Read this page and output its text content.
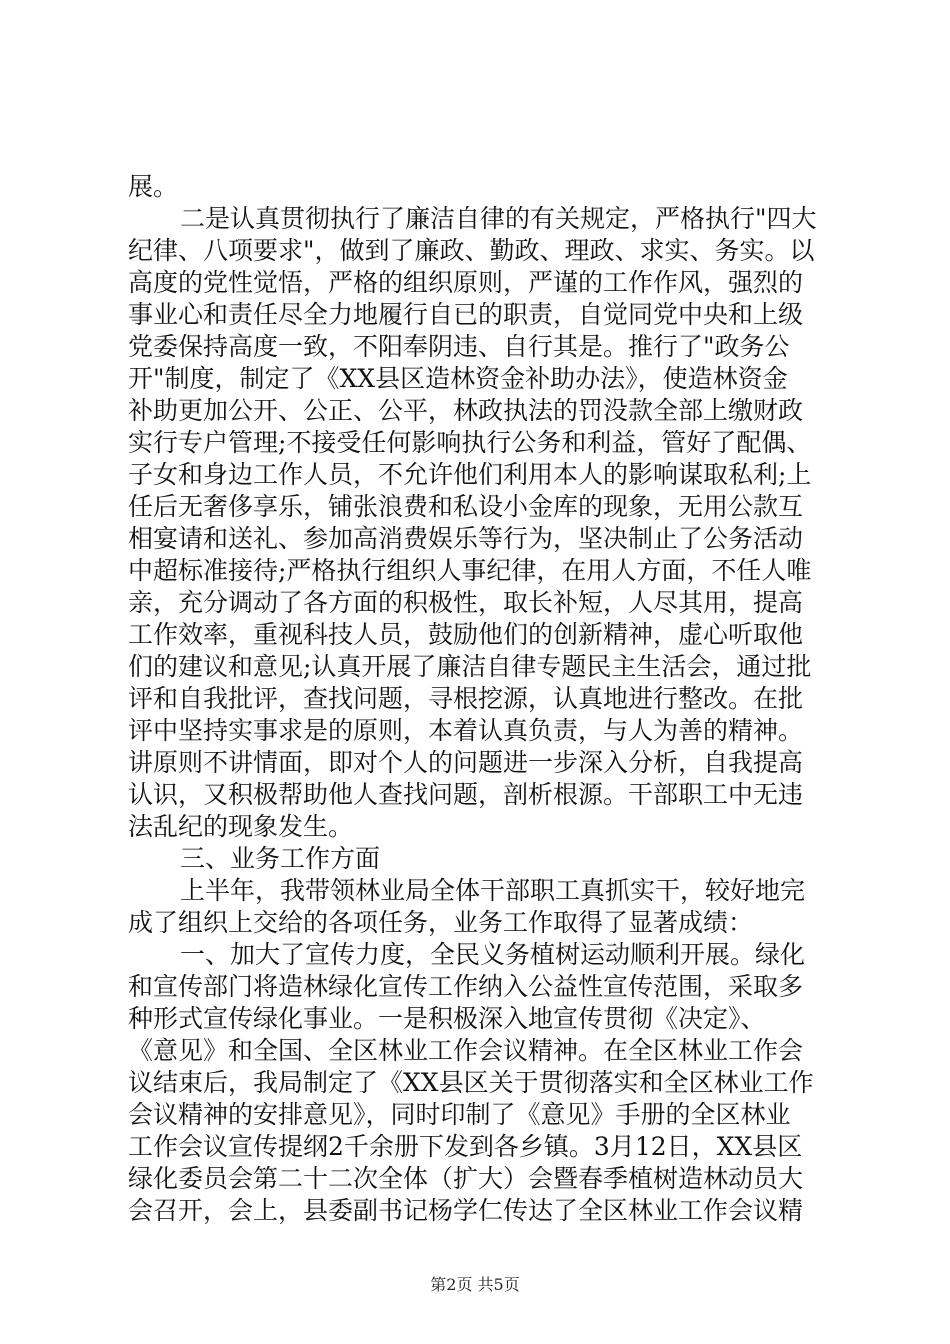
展。
二是认真贯彻执行了廉洁自律的有关规定，严格执行"四大
纪律、八项要求"，做到了廉政、勤政、理政、求实、务实。以
高度的党性觉悟，严格的组织原则，严谨的工作作风，强烈的
事业心和责任尽全力地履行自已的职责，自觉同党中央和上级
党委保持高度一致，不阳奉阴违、自行其是。推行了"政务公
开"制度，制定了《XX县区造林资金补助办法》，使造林资金
补助更加公开、公正、公平，林政执法的罚没款全部上缴财政
实行专户管理;不接受任何影响执行公务和利益，管好了配偶、
子女和身边工作人员，不允许他们利用本人的影响谋取私利;上
任后无奢侈享乐，铺张浪费和私设小金库的现象，无用公款互
相宴请和送礼、参加高消费娱乐等行为，坚决制止了公务活动
中超标准接待;严格执行组织人事纪律，在用人方面，不任人唯
亲，充分调动了各方面的积极性，取长补短，人尽其用，提高
工作效率，重视科技人员，鼓励他们的创新精神，虚心听取他
们的建议和意见;认真开展了廉洁自律专题民主生活会，通过批
评和自我批评，查找问题，寻根挖源，认真地进行整改。在批
评中坚持实事求是的原则，本着认真负责，与人为善的精神。
讲原则不讲情面，即对个人的问题进一步深入分析，自我提高
认识，又积极帮助他人查找问题，剖析根源。干部职工中无违
法乱纪的现象发生。
三、业务工作方面
上半年，我带领林业局全体干部职工真抓实干，较好地完
成了组织上交给的各项任务，业务工作取得了显著成绩：
一、加大了宣传力度，全民义务植树运动顺利开展。绿化
和宣传部门将造林绿化宣传工作纳入公益性宣传范围，采取多
种形式宣传绿化事业。一是积极深入地宣传贯彻《决定》、
《意见》和全国、全区林业工作会议精神。在全区林业工作会
议结束后，我局制定了《XX县区关于贯彻落实和全区林业工作
会议精神的安排意见》，同时印制了《意见》手册的全区林业
工作会议宣传提纲2千余册下发到各乡镇。3月12日，XX县区
绿化委员会第二十二次全体（扩大）会暨春季植树造林动员大
会召开，会上，县委副书记杨学仁传达了全区林业工作会议精
第2页 共5页
